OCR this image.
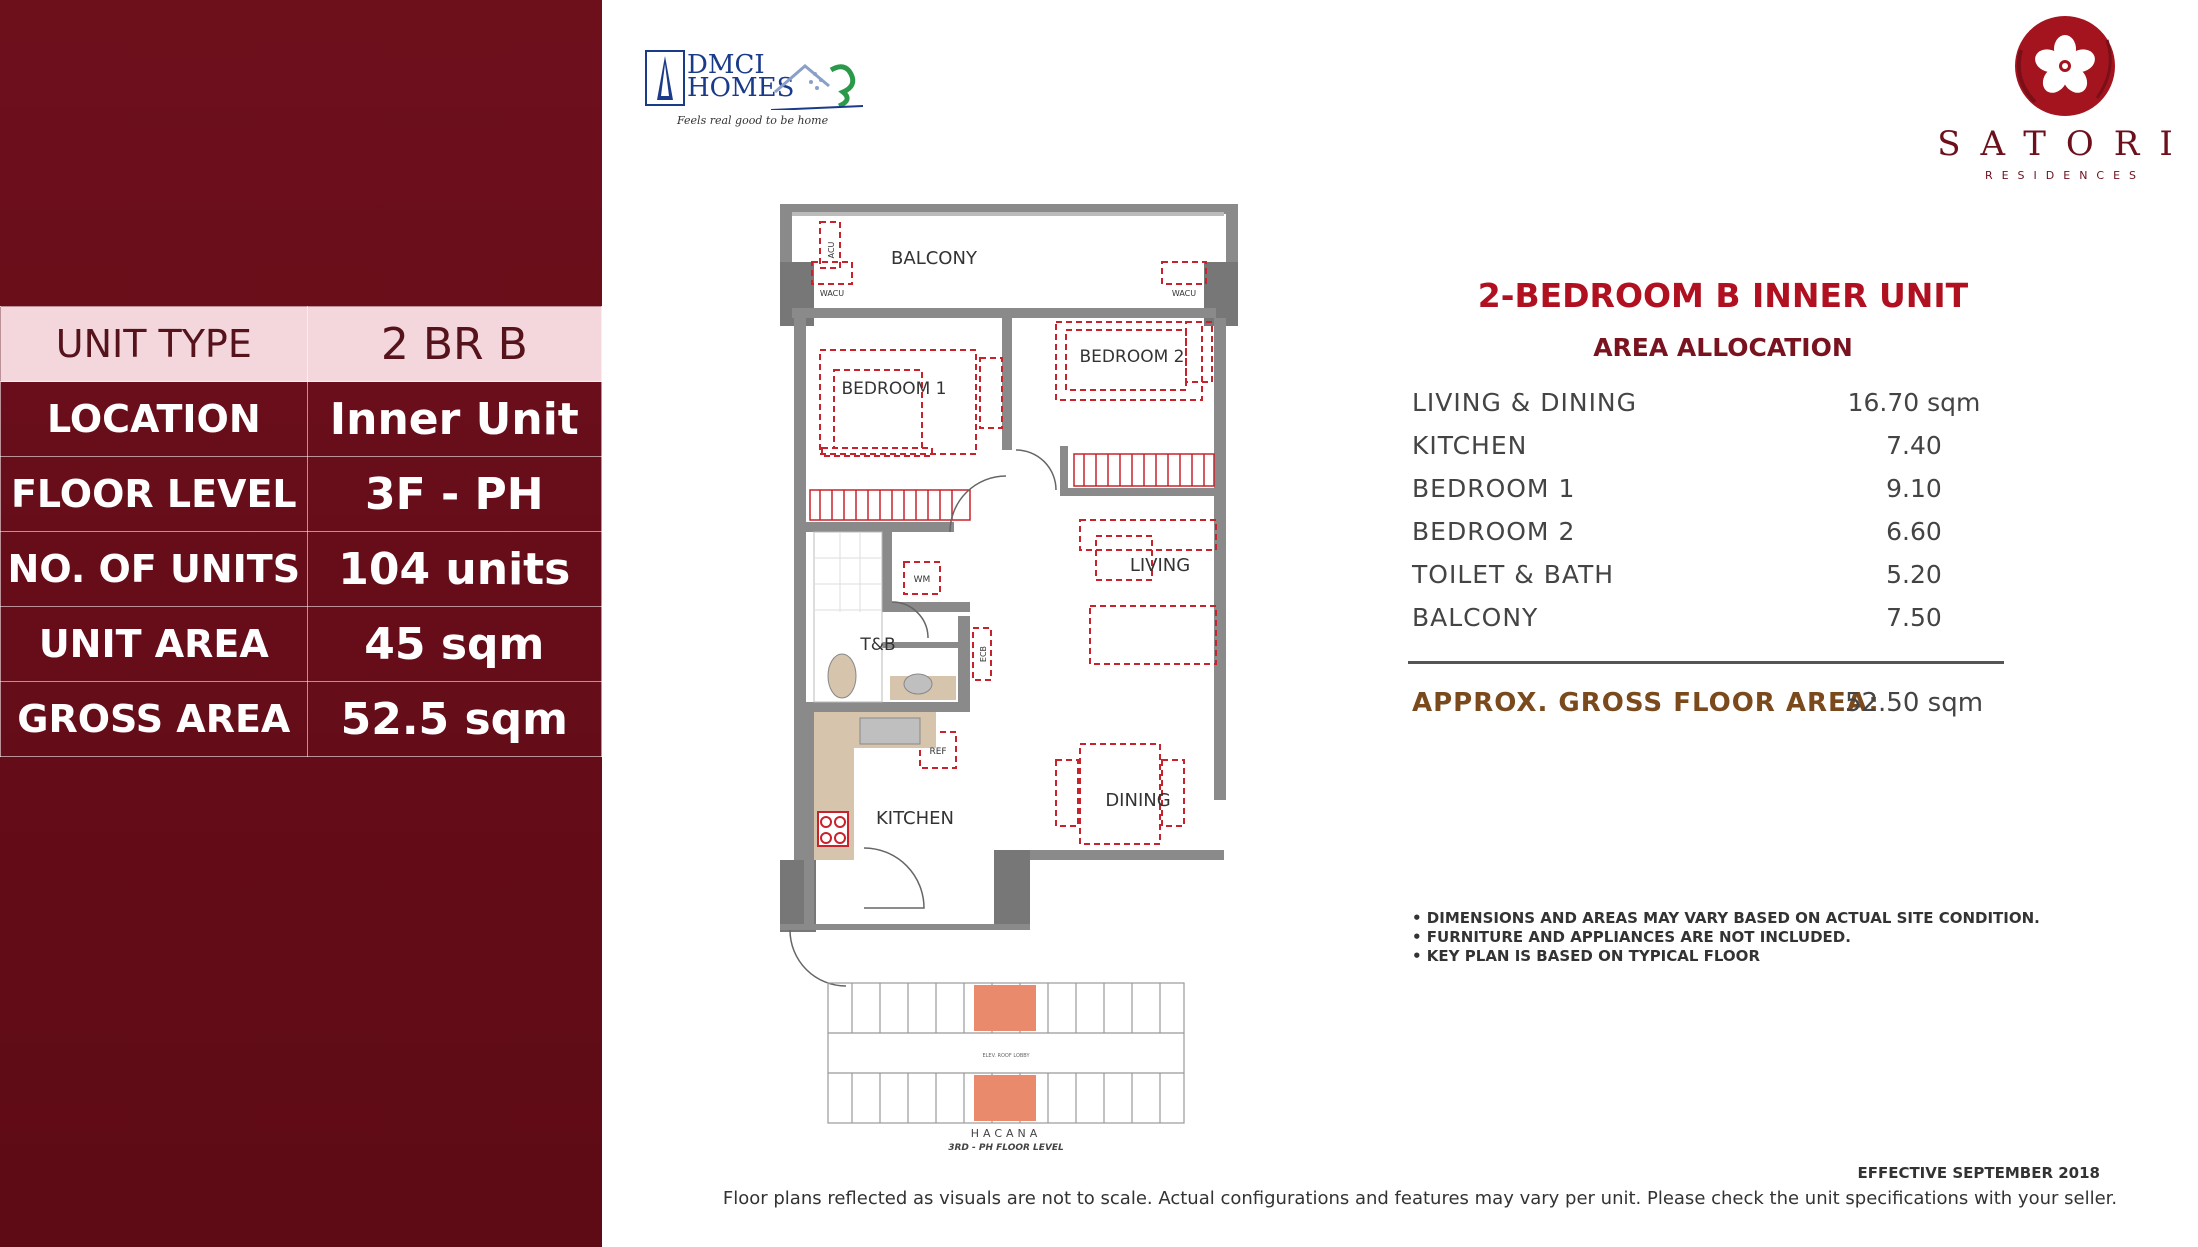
UNIT TYPE	2 BR B
LOCATION	Inner Unit
FLOOR LEVEL	3F - PH
NO. OF UNITS	104 units
UNIT AREA	45 sqm
GROSS AREA	52.5 sqm
DMCI
HOMES
Feels real good to be home
SATORI
RESIDENCES
BALCONY
BEDROOM 1
BEDROOM 2
LIVING
T&B
KITCHEN
DINING
ACU
WACU	WACU
WM
REF
ECB
ELEV. ROOF LOBBY
HACANA
3RD - PH FLOOR LEVEL
2-BEDROOM B INNER UNIT
AREA ALLOCATION
LIVING & DINING	16.70 sqm
KITCHEN	7.40
BEDROOM 1	9.10
BEDROOM 2	6.60
TOILET & BATH	5.20
BALCONY	7.50
APPROX. GROSS FLOOR AREA:
52.50 sqm
• DIMENSIONS AND AREAS MAY VARY BASED ON ACTUAL SITE CONDITION.
• FURNITURE AND APPLIANCES ARE NOT INCLUDED.
• KEY PLAN IS BASED ON TYPICAL FLOOR
EFFECTIVE SEPTEMBER 2018
Floor plans reflected as visuals are not to scale. Actual configurations and features may vary per unit. Please check the unit specifications with your seller.
